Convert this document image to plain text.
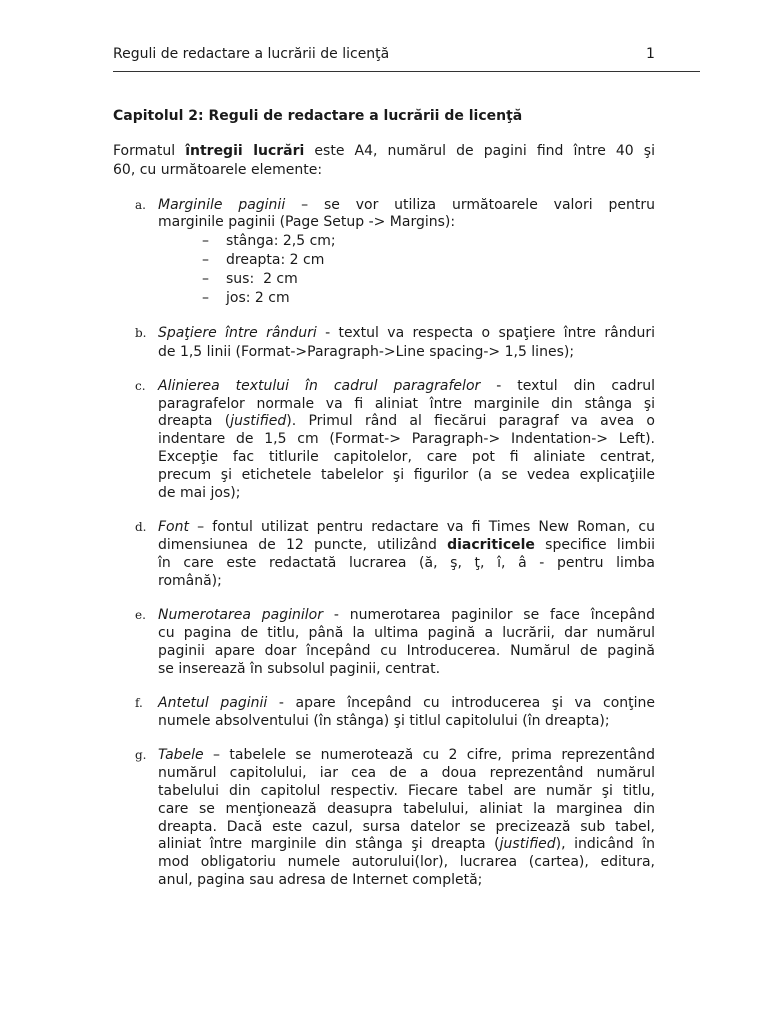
Reguli de redactare a lucrării de licenţă	1
Capitolul 2: Reguli de redactare a lucrării de licenţă
Formatul întregii lucrări este A4, numărul de pagini find între 40 şi
60, cu următoarele elemente:
a. Marginile paginii – se vor utiliza următoarele valori pentru
marginile paginii (Page Setup -> Margins):
– stânga: 2,5 cm;
– dreapta: 2 cm
– sus:  2 cm
– jos: 2 cm
b. Spaţiere între rânduri - textul va respecta o spaţiere între rânduri
de 1,5 linii (Format->Paragraph->Line spacing-> 1,5 lines);
c. Alinierea textului în cadrul paragrafelor - textul din cadrul
paragrafelor normale va fi aliniat între marginile din stânga şi
dreapta (justified). Primul rând al fiecărui paragraf va avea o
indentare de 1,5 cm (Format-> Paragraph-> Indentation-> Left).
Excepţie fac titlurile capitolelor, care pot fi aliniate centrat,
precum şi etichetele tabelelor şi figurilor (a se vedea explicaţiile
de mai jos);
d. Font – fontul utilizat pentru redactare va fi Times New Roman, cu
dimensiunea de 12 puncte, utilizând diacriticele specifice limbii
în care este redactată lucrarea (ă, ş, ţ, î, â - pentru limba
română);
e. Numerotarea paginilor - numerotarea paginilor se face începând
cu pagina de titlu, până la ultima pagină a lucrării, dar numărul
paginii apare doar începând cu Introducerea. Numărul de pagină
se inserează în subsolul paginii, centrat.
f. Antetul paginii - apare începând cu introducerea şi va conţine
numele absolventului (în stânga) şi titlul capitolului (în dreapta);
g. Tabele – tabelele se numerotează cu 2 cifre, prima reprezentând
numărul capitolului, iar cea de a doua reprezentând numărul
tabelului din capitolul respectiv. Fiecare tabel are număr şi titlu,
care se menţionează deasupra tabelului, aliniat la marginea din
dreapta. Dacă este cazul, sursa datelor se precizează sub tabel,
aliniat între marginile din stânga şi dreapta (justified), indicând în
mod obligatoriu numele autorului(lor), lucrarea (cartea), editura,
anul, pagina sau adresa de Internet completă;
